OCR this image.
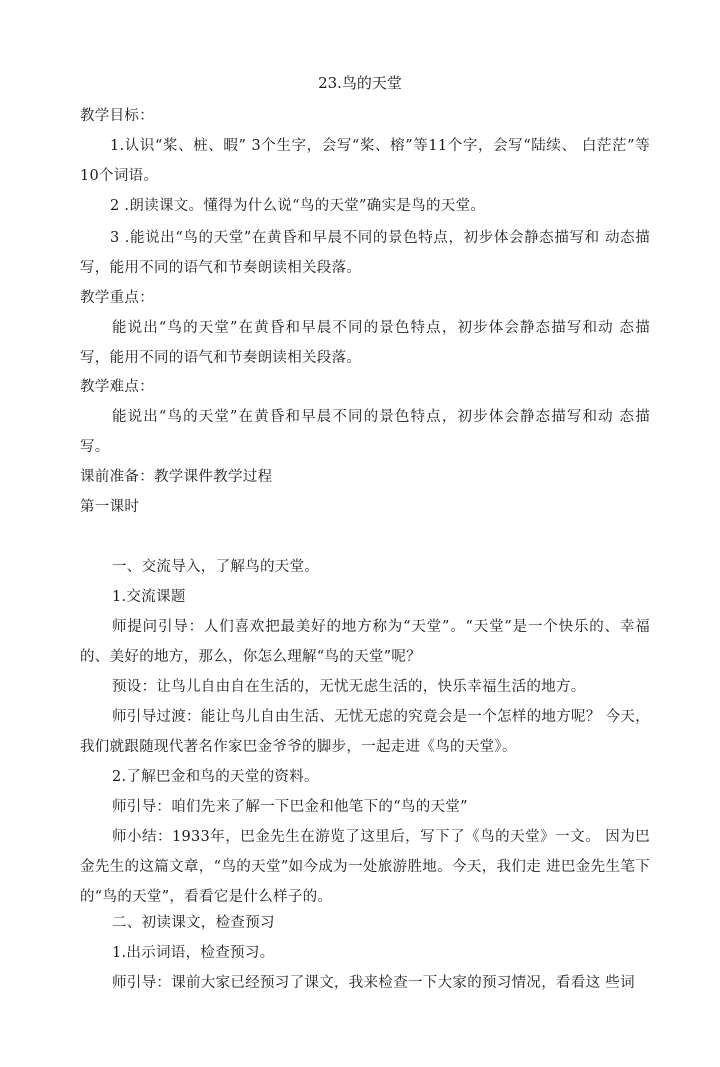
23.鸟的天堂
教学目标：
1.认识“桨、桩、暇” 3个生字，会写“桨、榕”等11个字，会写“陆续、 白茫茫”等10个词语。
2 .朗读课文。懂得为什么说“鸟的天堂”确实是鸟的天堂。
3 .能说出“鸟的天堂”在黄昏和早晨不同的景色特点，初步体会静态描写和 动态描写，能用不同的语气和节奏朗读相关段落。
教学重点：
能说出“鸟的天堂”在黄昏和早晨不同的景色特点，初步体会静态描写和动 态描写，能用不同的语气和节奏朗读相关段落。
教学难点：
能说出“鸟的天堂”在黄昏和早晨不同的景色特点，初步体会静态描写和动 态描写。
课前准备：教学课件教学过程
第一课时
一、交流导入，了解鸟的天堂。
1.交流课题
师提问引导：人们喜欢把最美好的地方称为“天堂”。“天堂”是一个快乐的、幸福的、美好的地方，那么，你怎么理解“鸟的天堂”呢？
预设：让鸟儿自由自在生活的，无忧无虑生活的，快乐幸福生活的地方。
师引导过渡：能让鸟儿自由生活、无忧无虑的究竟会是一个怎样的地方呢？ 今天，我们就跟随现代著名作家巴金爷爷的脚步，一起走进《鸟的天堂》。
2.了解巴金和鸟的天堂的资料。
师引导：咱们先来了解一下巴金和他笔下的“鸟的天堂”
师小结：1933年，巴金先生在游览了这里后，写下了《鸟的天堂》一文。 因为巴金先生的这篇文章，“鸟的天堂”如今成为一处旅游胜地。今天，我们走 进巴金先生笔下的“鸟的天堂”，看看它是什么样子的。
二、初读课文，检查预习
1.出示词语，检查预习。
师引导：课前大家已经预习了课文，我来检查一下大家的预习情况，看看这 些词
